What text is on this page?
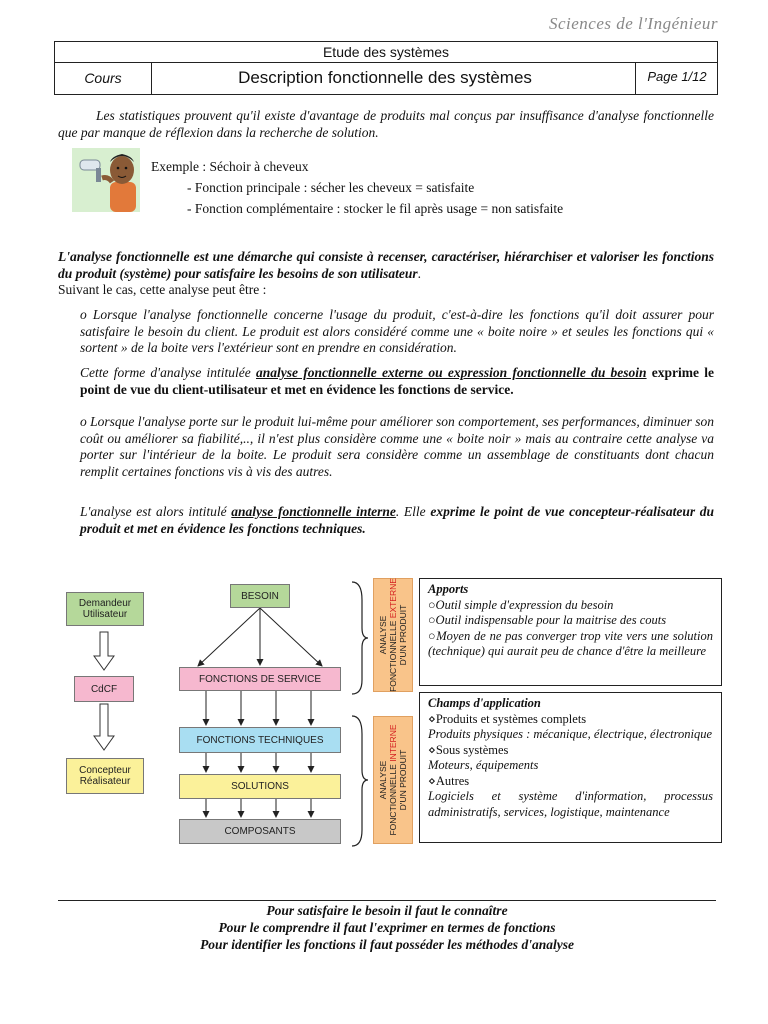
Sciences de l'Ingénieur
Etude des systèmes
Cours	Description fonctionnelle des systèmes	Page 1/12
Les statistiques prouvent qu'il existe d'avantage de produits mal conçus par insuffisance d'analyse fonctionnelle que par manque de réflexion dans la recherche de solution.
Exemple : Séchoir à cheveux
- Fonction principale : sécher les cheveux = satisfaite
- Fonction complémentaire : stocker le fil après usage = non satisfaite
L'analyse fonctionnelle est une démarche qui consiste à recenser, caractériser, hiérarchiser et valoriser les fonctions du produit (système) pour satisfaire les besoins de son utilisateur.
Suivant le cas, cette analyse peut être :
o Lorsque l'analyse fonctionnelle concerne l'usage du produit, c'est-à-dire les fonctions qu'il doit assurer pour satisfaire le besoin du client. Le produit est alors considéré comme une « boite noire » et seules les fonctions qui « sortent » de la boite vers l'extérieur sont en prendre en considération.
Cette forme d'analyse intitulée analyse fonctionnelle externe ou expression fonctionnelle du besoin exprime le point de vue du client-utilisateur et met en évidence les fonctions de service.
o Lorsque l'analyse porte sur le produit lui-même pour améliorer son comportement, ses performances, diminuer son coût ou améliorer sa fiabilité,.., il n'est plus considère comme une « boite noir » mais au contraire cette analyse va porter sur l'intérieur de la boite. Le produit sera considère comme un assemblage de constituants dont chacun remplit certaines fonctions vis à vis des autres.
L'analyse est alors intitulé analyse fonctionnelle interne. Elle exprime le point de vue concepteur-réalisateur du produit et met en évidence les fonctions techniques.
Demandeur Utilisateur
CdCF
Concepteur Réalisateur
BESOIN
FONCTIONS DE SERVICE
FONCTIONS TECHNIQUES
SOLUTIONS
COMPOSANTS
ANALYSE
FONCTIONNELLE EXTERNE
D'UN PRODUIT
ANALYSE
FONCTIONNELLE INTERNE
D'UN PRODUIT
Apports
○Outil simple d'expression du besoin
○Outil indispensable pour la maitrise des couts
○Moyen de ne pas converger trop vite vers une solution (technique) qui aurait peu de chance d'être la meilleure
Champs d'application
⋄Produits et systèmes complets
Produits physiques : mécanique, électrique, électronique
⋄Sous systèmes
Moteurs, équipements
⋄Autres
Logiciels et système d'information, processus administratifs, services, logistique, maintenance
Pour satisfaire le besoin il faut le connaître
Pour le comprendre il faut l'exprimer en termes de fonctions
Pour identifier les fonctions il faut posséder les méthodes d'analyse
